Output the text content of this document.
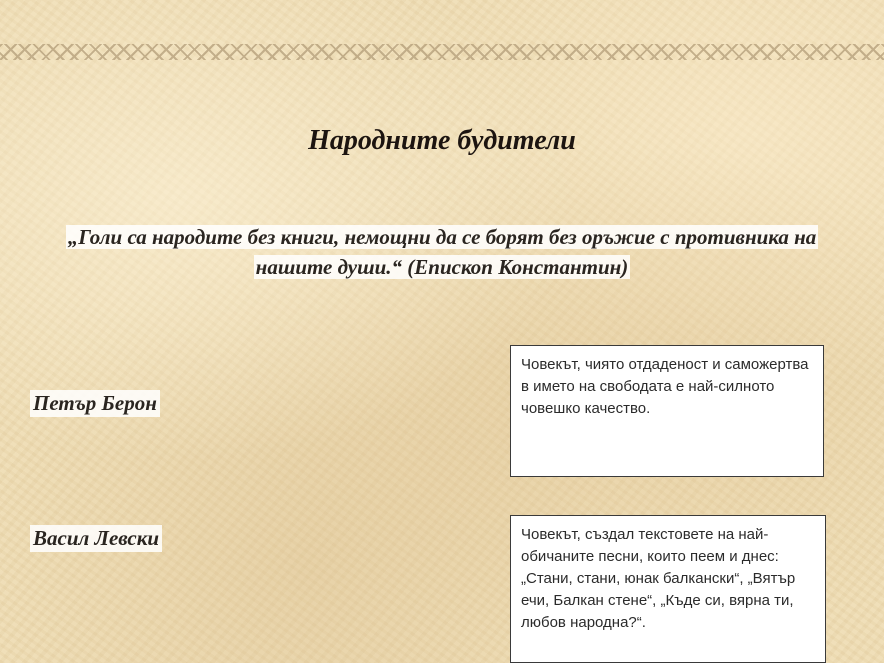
Народните будители
„Голи са народите без книги, немощни да се борят без оръжие с противника на нашите души.“ (Епископ Константин)
Петър Берон
Васил Левски
Човекът, чиято отдаденост и саможертва в името на свободата е най-силното човешко качество.
Човекът, създал текстовете на най-обичаните песни, които пеем и днес: „Стани, стани, юнак балкански“, „Вятър ечи, Балкан стене“, „Къде си, вярна ти, любов народна?“.
